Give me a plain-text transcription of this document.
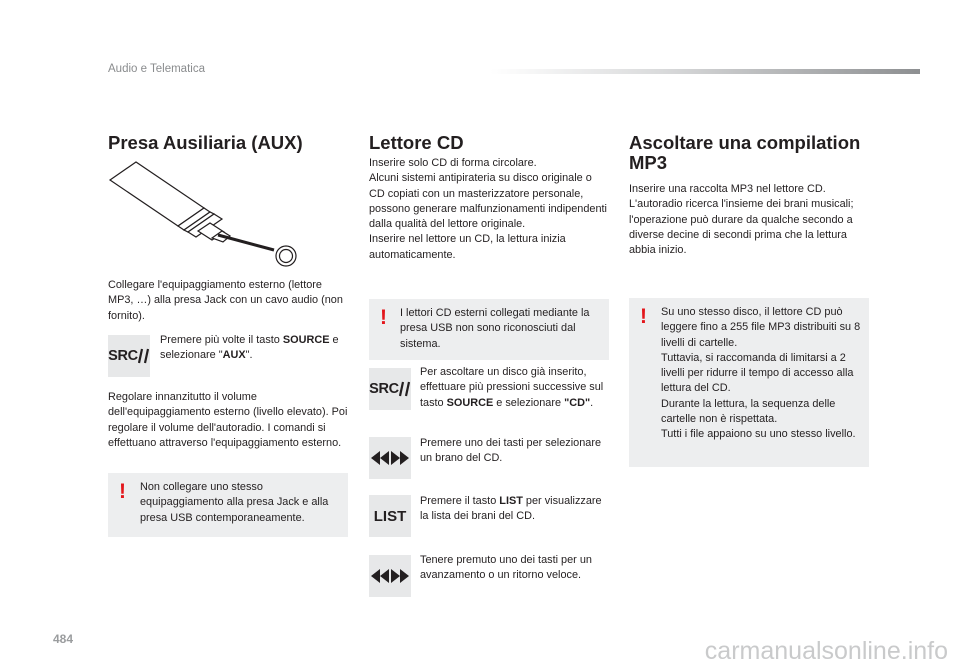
Audio e Telematica
Presa Ausiliaria (AUX)
Collegare l'equipaggiamento esterno (lettore MP3, …) alla presa Jack con un cavo audio (non fornito).
SRC
Premere più volte il tasto SOURCE e selezionare "AUX".
Regolare innanzitutto il volume dell'equipaggiamento esterno (livello elevato). Poi regolare il volume dell'autoradio. I comandi si effettuano attraverso l'equipaggiamento esterno.
! Non collegare uno stesso equipaggiamento alla presa Jack e alla presa USB contemporaneamente.
Lettore CD
Inserire solo CD di forma circolare.
Alcuni sistemi antipirateria su disco originale o CD copiati con un masterizzatore personale, possono generare malfunzionamenti indipendenti dalla qualità del lettore originale.
Inserire nel lettore un CD, la lettura inizia automaticamente.
! I lettori CD esterni collegati mediante la presa USB non sono riconosciuti dal sistema.
SRC
Per ascoltare un disco già inserito, effettuare più pressioni successive sul tasto SOURCE e selezionare "CD".
Premere uno dei tasti per selezionare un brano del CD.
LIST
Premere il tasto LIST per visualizzare la lista dei brani del CD.
Tenere premuto uno dei tasti per un avanzamento o un ritorno veloce.
Ascoltare una compilation MP3
Inserire una raccolta MP3 nel lettore CD.
L'autoradio ricerca l'insieme dei brani musicali; l'operazione può durare da qualche secondo a diverse decine di secondi prima che la lettura abbia inizio.
! Su uno stesso disco, il lettore CD può leggere fino a 255 file MP3 distribuiti su 8 livelli di cartelle.
Tuttavia, si raccomanda di limitarsi a 2 livelli per ridurre il tempo di accesso alla lettura del CD.
Durante la lettura, la sequenza delle cartelle non è rispettata.
Tutti i file appaiono su uno stesso livello.
484	carmanualsonline.info
